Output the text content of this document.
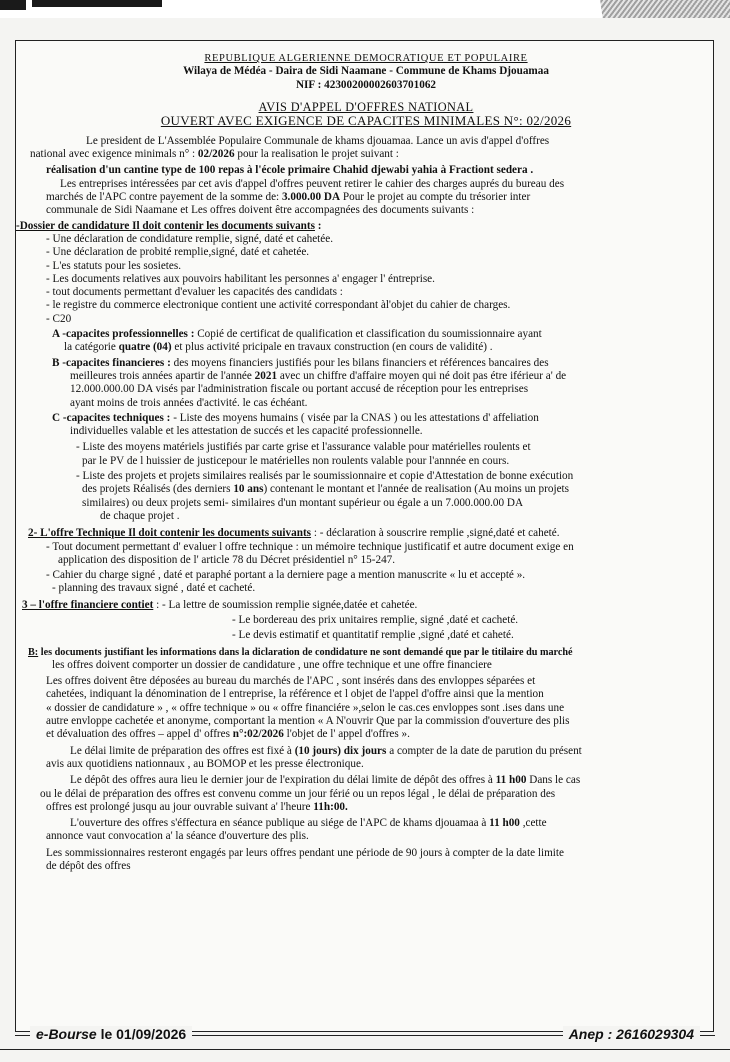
REPUBLIQUE ALGERIENNE DEMOCRATIQUE ET POPULAIRE
Wilaya de Médéa - Daira de Sidi Naamane - Commune de Khams Djouamaa
NIF : 42300200002603701062
AVIS D'APPEL D'OFFRES NATIONAL
OUVERT AVEC EXIGENCE DE CAPACITES MINIMALES N°: 02/2026
Le president de L'Assemblée Populaire Communale de khams djouamaa. Lance un avis d'appel d'offres
national avec exigence minimals n° : 02/2026 pour la realisation le projet suivant :
réalisation d'un cantine type de 100 repas à l'école primaire Chahid djewabi yahia à Fractiont sedera .
Les entreprises intéressées par cet avis d'appel d'offres peuvent retirer le cahier des charges auprés du bureau des
marchés de l'APC contre payement de la somme de: 3.000.00 DA Pour le projet au compte du trésorier inter
communale de Sidi Naamane et Les offres doivent être accompagnées des documents suivants :
-Dossier de candidature Il doit contenir les documents suivants :
- Une déclaration de condidature remplie, signé, daté et cahetée.
- Une déclaration de probité remplie,signé, daté et cahetée.
- L'es statuts pour les sosietes.
- Les documents relatives aux pouvoirs habilitant les personnes a' engager l' éntreprise.
- tout documents permettant d'evaluer les capacités des candidats :
- le registre du commerce electronique contient une activité correspondant àl'objet du cahier de charges.
- C20
A -capacites professionnelles : Copié de certificat de qualification et classification du soumissionnaire ayant
la catégorie quatre (04) et plus activité pricipale en travaux construction (en cours de validité) .
B -capacites financieres : des moyens financiers justifiés pour les bilans financiers et références bancaires des
meilleures trois années apartir de l'année 2021 avec un chiffre d'affaire moyen qui né doit pas étre iférieur a' de
12.000.000.00 DA visés par l'administration fiscale ou portant accusé de réception pour les entreprises
ayant moins de trois années d'activité. le cas échéant.
C -capacites techniques : - Liste des moyens humains ( visée par la CNAS ) ou les attestations d' affeliation
individuelles valable et les attestation de succés et les capacité professionnelle.
- Liste des moyens matériels justifiés par carte grise et l'assurance valable pour matérielles roulents et
par le PV de l huissier de justicepour le matérielles non roulents valable pour l'annnée en cours.
- Liste des projets et projets similaires realisés par le soumissionnaire et copie d'Attestation de bonne exécution
des projets Réalisés (des derniers 10 ans) contenant le montant et l'année de realisation (Au moins un projets
similaires) ou deux projets semi- similaires d'un montant supérieur ou égale a un 7.000.000.00 DA
de chaque projet .
2- L'offre Technique Il doit contenir les documents suivants : - déclaration à souscrire remplie ,signé,daté et caheté.
- Tout document permettant d' evaluer l offre technique : un mémoire technique justificatif et autre document exige en
application des disposition de l' article 78 du Décret présidentiel n° 15-247.
- Cahier du charge signé , daté et paraphé portant a la derniere page a mention manuscrite « lu et accepté ».
- planning des travaux signé , daté et cacheté.
3 – l'offre financiere contiet : - La lettre de soumission remplie signée,datée et cahetée.
- Le bordereau des prix unitaires remplie, signé ,daté et cacheté.
- Le devis estimatif et quantitatif remplie ,signé ,daté et caheté.
B: les documents justifiant les informations dans la diclaration de condidature ne sont demandé que par le titilaire du marché
les offres doivent comporter un dossier de candidature , une offre technique et une offre financiere
Les offres doivent être déposées au bureau du marchés de l'APC , sont insérés dans des envloppes séparées et
cahetées, indiquant la dénomination de l entreprise, la référence et l objet de l'appel d'offre ainsi que la mention
« dossier de candidature » , « offre technique » ou « offre financiére »,selon le cas.ces envloppes sont .ises dans une
autre envloppe cachetée et anonyme, comportant la mention « A N'ouvrir Que par la commission d'ouverture des plis
et dévaluation des offres – appel d' offres n°:02/2026 l'objet de l' appel d'offres ».
Le délai limite de préparation des offres est fixé à (10 jours) dix jours a compter de la date de parution du présent
avis aux quotidiens nationnaux , au BOMOP et les presse électronique.
Le dépôt des offres aura lieu le dernier jour de l'expiration du délai limite de dépôt des offres à 11 h00 Dans le cas
ou le délai de préparation des offres est convenu comme un jour férié ou un repos légal , le délai de préparation des
offres est prolongé jusqu au jour ouvrable suivant a' l'heure 11h:00.
L'ouverture des offres s'éffectura en séance publique au siége de l'APC de khams djouamaa à 11 h00 ,cette
annonce vaut convocation a' la séance d'ouverture des plis.
Les sommissionnaires resteront engagés par leurs offres pendant une période de 90 jours à compter de la date limite
de dépôt des offres
e-Bourse le 01/09/2026	Anep : 2616029304
